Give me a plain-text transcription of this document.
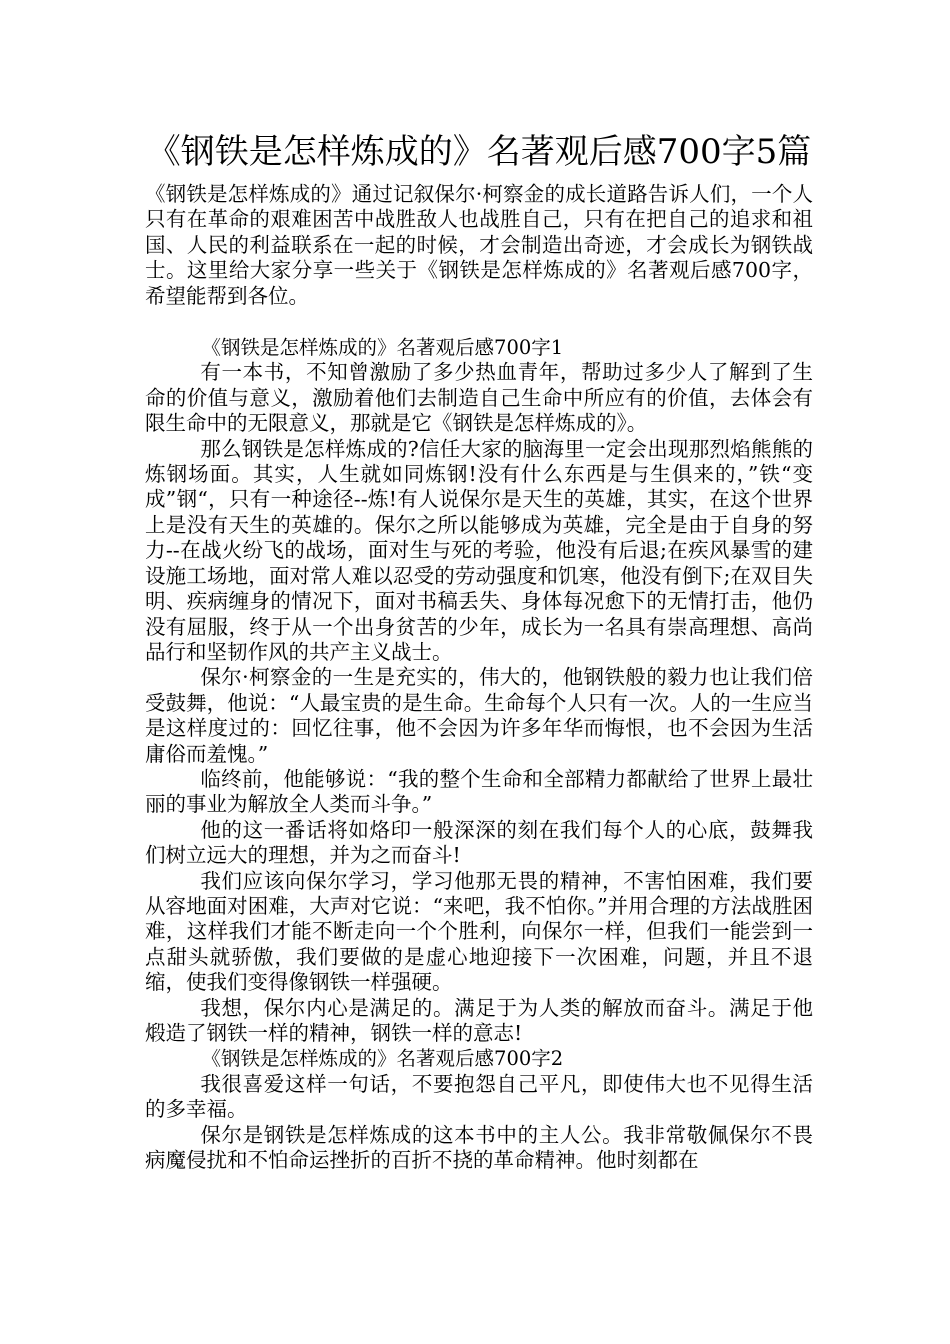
《钢铁是怎样炼成的》名著观后感700字5篇

《钢铁是怎样炼成的》通过记叙保尔·柯察金的成长道路告诉人们，一个人只有在革命的艰难困苦中战胜敌人也战胜自己，只有在把自己的追求和祖国、人民的利益联系在一起的时候，才会制造出奇迹，才会成长为钢铁战士。这里给大家分享一些关于《钢铁是怎样炼成的》名著观后感700字，希望能帮到各位。

《钢铁是怎样炼成的》名著观后感700字1

有一本书，不知曾激励了多少热血青年，帮助过多少人了解到了生命的价值与意义，激励着他们去制造自己生命中所应有的价值，去体会有限生命中的无限意义，那就是它《钢铁是怎样炼成的》。

那么钢铁是怎样炼成的?信任大家的脑海里一定会出现那烈焰熊熊的炼钢场面。其实，人生就如同炼钢!没有什么东西是与生俱来的，”铁“变成”钢“，只有一种途径--炼!有人说保尔是天生的英雄，其实，在这个世界上是没有天生的英雄的。保尔之所以能够成为英雄，完全是由于自身的努力--在战火纷飞的战场，面对生与死的考验，他没有后退;在疾风暴雪的建设施工场地，面对常人难以忍受的劳动强度和饥寒，他没有倒下;在双目失明、疾病缠身的情况下，面对书稿丢失、身体每况愈下的无情打击，他仍没有屈服，终于从一个出身贫苦的少年，成长为一名具有崇高理想、高尚品行和坚韧作风的共产主义战士。

保尔·柯察金的一生是充实的，伟大的，他钢铁般的毅力也让我们倍受鼓舞，他说：“人最宝贵的是生命。生命每个人只有一次。人的一生应当是这样度过的：回忆往事，他不会因为许多年华而悔恨，也不会因为生活庸俗而羞愧。”

临终前，他能够说：“我的整个生命和全部精力都献给了世界上最壮丽的事业为解放全人类而斗争。”

他的这一番话将如烙印一般深深的刻在我们每个人的心底，鼓舞我们树立远大的理想，并为之而奋斗!

我们应该向保尔学习，学习他那无畏的精神，不害怕困难，我们要从容地面对困难，大声对它说：“来吧，我不怕你。”并用合理的方法战胜困难，这样我们才能不断走向一个个胜利，向保尔一样，但我们一能尝到一点甜头就骄傲，我们要做的是虚心地迎接下一次困难，问题，并且不退缩，使我们变得像钢铁一样强硬。

我想，保尔内心是满足的。满足于为人类的解放而奋斗。满足于他煅造了钢铁一样的精神，钢铁一样的意志!

《钢铁是怎样炼成的》名著观后感700字2

我很喜爱这样一句话，不要抱怨自己平凡，即使伟大也不见得生活的多幸福。

保尔是钢铁是怎样炼成的这本书中的主人公。我非常敬佩保尔不畏病魔侵扰和不怕命运挫折的百折不挠的革命精神。他时刻都在
